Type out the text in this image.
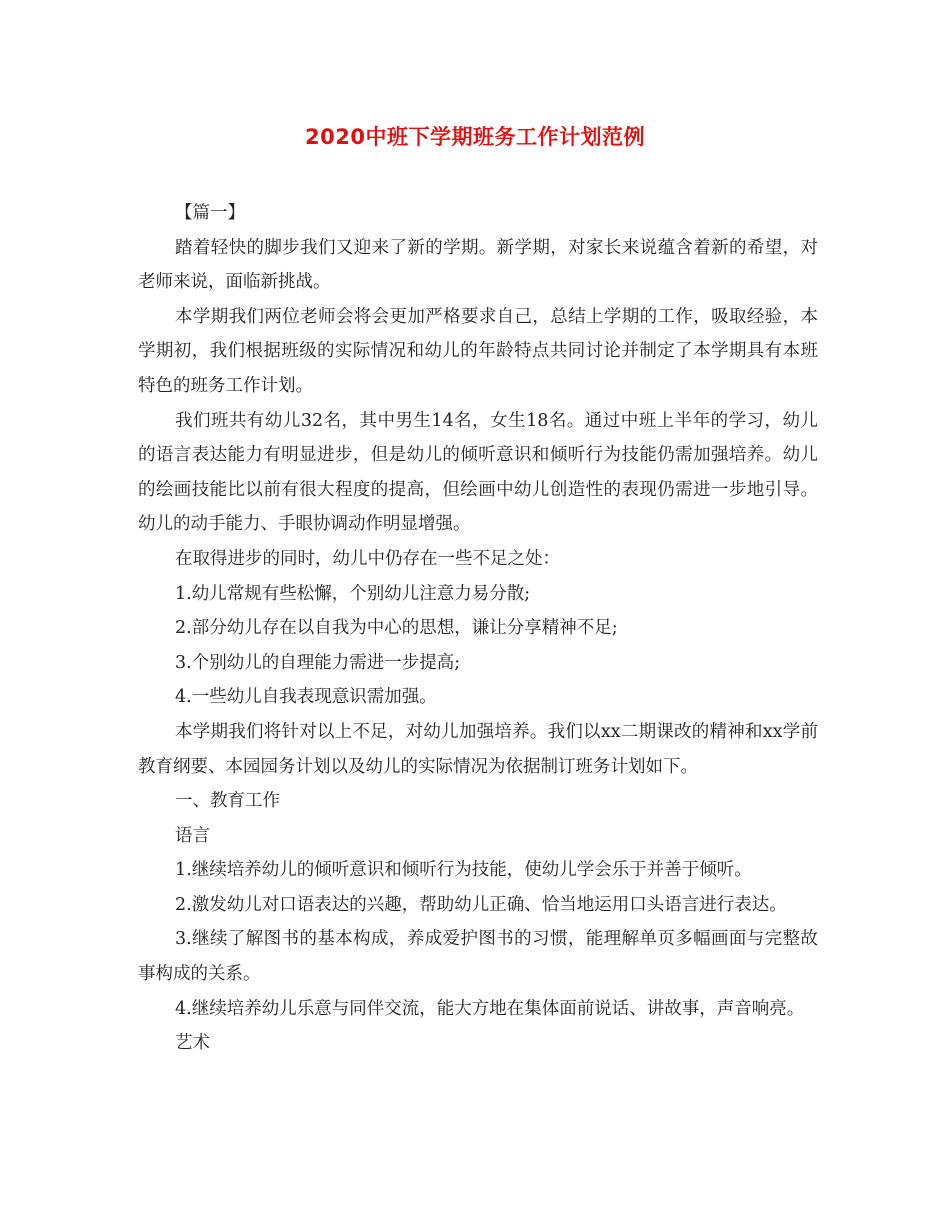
2020中班下学期班务工作计划范例

【篇一】

踏着轻快的脚步我们又迎来了新的学期。新学期，对家长来说蕴含着新的希望，对老师来说，面临新挑战。

本学期我们两位老师会将会更加严格要求自己，总结上学期的工作，吸取经验，本学期初，我们根据班级的实际情况和幼儿的年龄特点共同讨论并制定了本学期具有本班特色的班务工作计划。

我们班共有幼儿32名，其中男生14名，女生18名。通过中班上半年的学习，幼儿的语言表达能力有明显进步，但是幼儿的倾听意识和倾听行为技能仍需加强培养。幼儿的绘画技能比以前有很大程度的提高，但绘画中幼儿创造性的表现仍需进一步地引导。幼儿的动手能力、手眼协调动作明显增强。

在取得进步的同时，幼儿中仍存在一些不足之处：

1.幼儿常规有些松懈，个别幼儿注意力易分散;

2.部分幼儿存在以自我为中心的思想，谦让分享精神不足;

3.个别幼儿的自理能力需进一步提高;

4.一些幼儿自我表现意识需加强。

本学期我们将针对以上不足，对幼儿加强培养。我们以xx二期课改的精神和xx学前教育纲要、本园园务计划以及幼儿的实际情况为依据制订班务计划如下。

一、教育工作

语言

1.继续培养幼儿的倾听意识和倾听行为技能，使幼儿学会乐于并善于倾听。

2.激发幼儿对口语表达的兴趣，帮助幼儿正确、恰当地运用口头语言进行表达。

3.继续了解图书的基本构成，养成爱护图书的习惯，能理解单页多幅画面与完整故事构成的关系。

4.继续培养幼儿乐意与同伴交流，能大方地在集体面前说话、讲故事，声音响亮。

艺术
